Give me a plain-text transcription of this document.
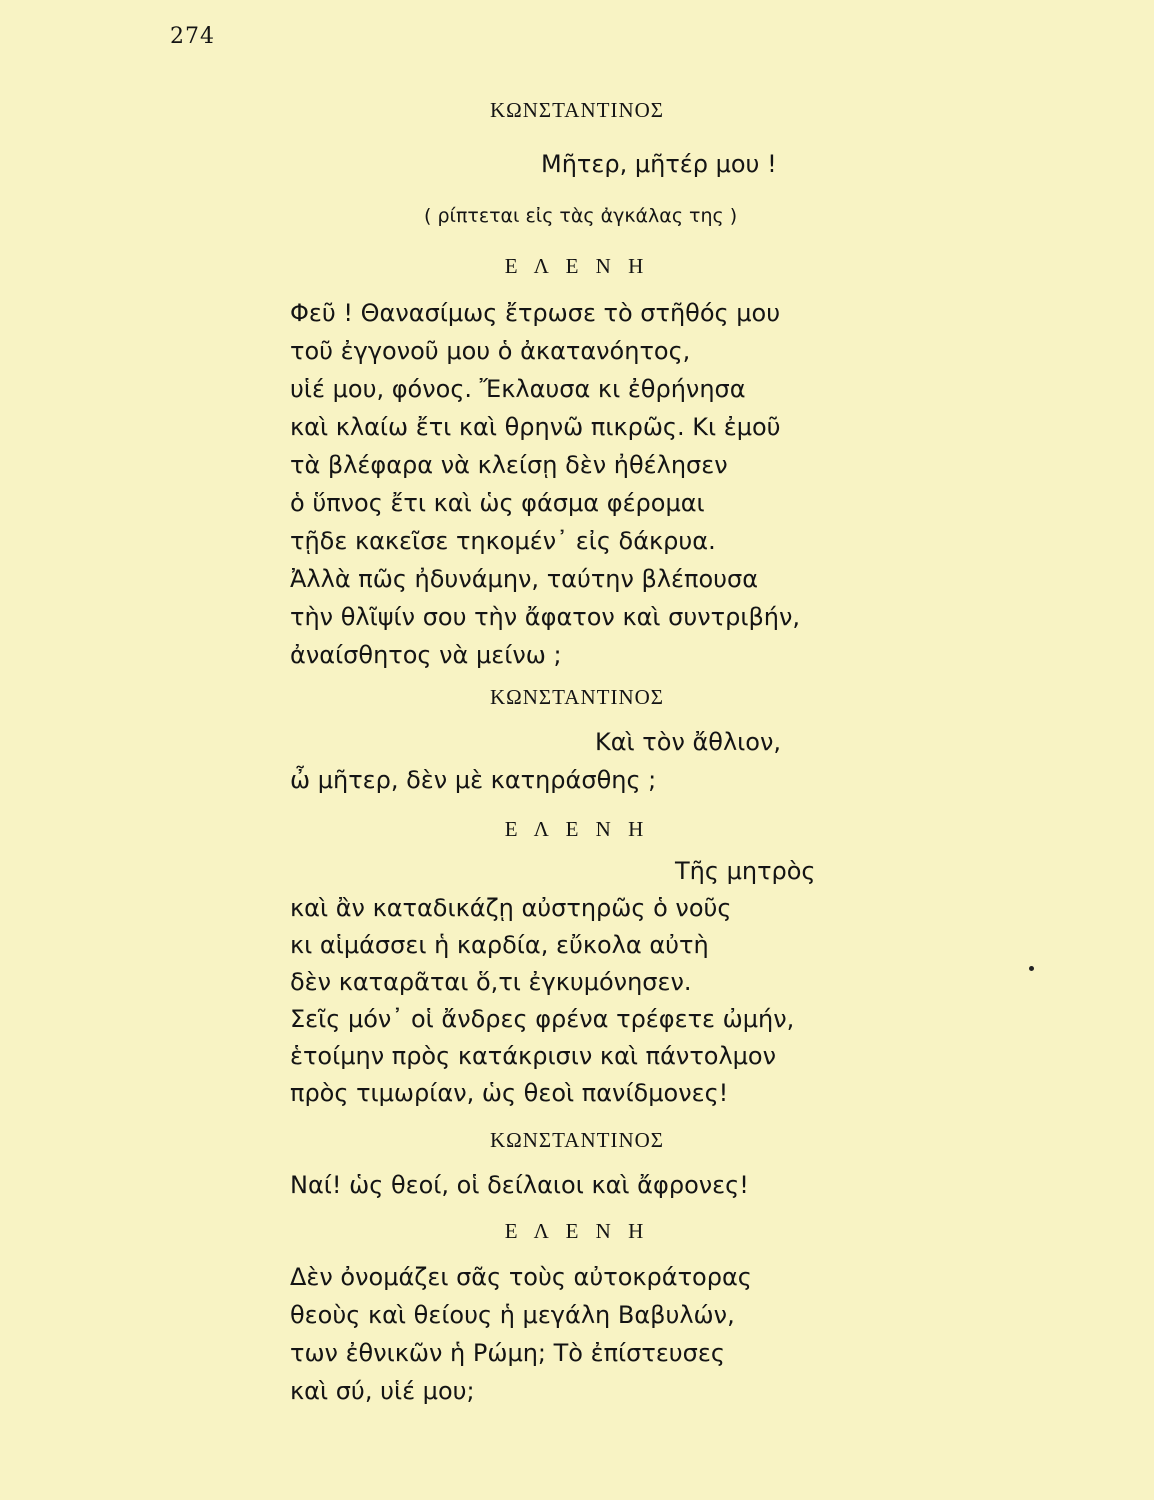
274
ΚΩΝΣΤΑΝΤΙΝΟΣ
Μῆτερ, μῆτέρ μου !
( ρίπτεται εἰς τὰς ἀγκάλας της )
Ε Λ Ε Ν Η
Φεῦ ! Θανασίμως ἔτρωσε τὸ στῆθός μου
τοῦ ἐγγονοῦ μου ὁ ἀκατανόητος,
υἱέ μου, φόνος. Ἔκλαυσα κι ἐθρήνησα
καὶ κλαίω ἔτι καὶ θρηνῶ πικρῶς. Κι ἐμοῦ
τὰ βλέφαρα νὰ κλείσῃ δὲν ἠθέλησεν
ὁ ὕπνος ἔτι καὶ ὡς φάσμα φέρομαι
τῇδε κακεῖσε τηκομέν᾽ εἰς δάκρυα.
Ἀλλὰ πῶς ἠδυνάμην, ταύτην βλέπουσα
τὴν θλῖψίν σου τὴν ἄφατον καὶ συντριβήν,
ἀναίσθητος νὰ μείνω ;
ΚΩΝΣΤΑΝΤΙΝΟΣ
Καὶ τὸν ἄθλιον,
ὦ μῆτερ, δὲν μὲ κατηράσθης ;
Ε Λ Ε Ν Η
Τῆς μητρὸς
καὶ ἂν καταδικάζῃ αὐστηρῶς ὁ νοῦς
κι αἱμάσσει ἡ καρδία, εὔκολα αὐτὴ
δὲν καταρᾶται ὅ,τι ἐγκυμόνησεν.
Σεῖς μόν᾽ οἱ ἄνδρες φρένα τρέφετε ὠμήν,
ἑτοίμην πρὸς κατάκρισιν καὶ πάντολμον
πρὸς τιμωρίαν, ὡς θεοὶ πανίδμονες!
ΚΩΝΣΤΑΝΤΙΝΟΣ
Ναί! ὡς θεοί, οἱ δείλαιοι καὶ ἄφρονες!
Ε Λ Ε Ν Η
Δὲν ὀνομάζει σᾶς τοὺς αὐτοκράτορας
θεοὺς καὶ θείους ἡ μεγάλη Βαβυλών,
των ἐθνικῶν ἡ Ρώμη; Τὸ ἐπίστευσες
καὶ σύ, υἱέ μου;
